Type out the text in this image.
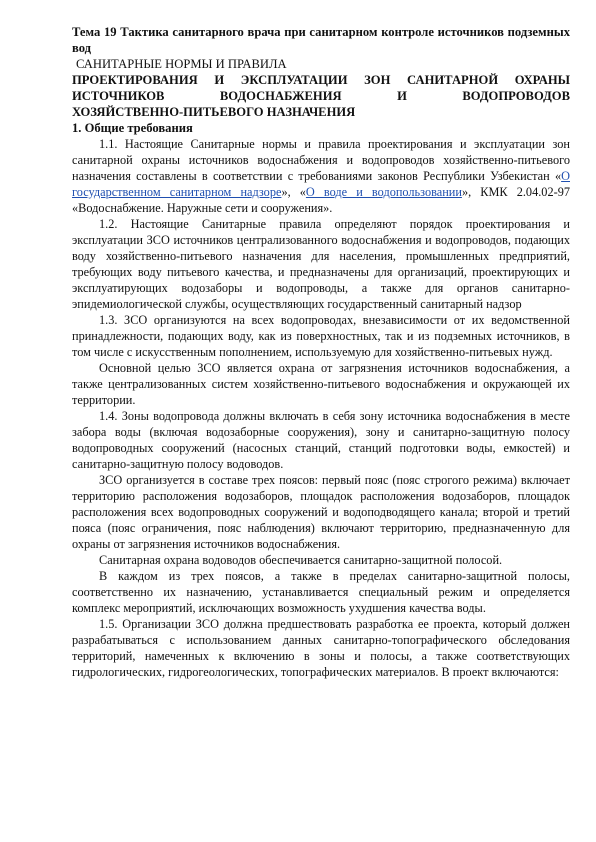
Тема 19 Тактика санитарного врача при санитарном контроле источников подземных вод
САНИТАРНЫЕ НОРМЫ И ПРАВИЛА
ПРОЕКТИРОВАНИЯ И ЭКСПЛУАТАЦИИ ЗОН САНИТАРНОЙ ОХРАНЫ ИСТОЧНИКОВ ВОДОСНАБЖЕНИЯ И ВОДОПРОВОДОВ
ХОЗЯЙСТВЕННО-ПИТЬЕВОГО НАЗНАЧЕНИЯ
1. Общие требования

1.1. Настоящие Санитарные нормы и правила проектирования и эксплуатации зон санитарной охраны источников водоснабжения и водопроводов хозяйственно-питьевого назначения составлены в соответствии с требованиями законов Республики Узбекистан «О государственном санитарном надзоре», «О воде и водопользовании», КМК 2.04.02-97 «Водоснабжение. Наружные сети и сооружения».

1.2. Настоящие Санитарные правила определяют порядок проектирования и эксплуатации ЗСО источников централизованного водоснабжения и водопроводов, подающих воду хозяйственно-питьевого назначения для населения, промышленных предприятий, требующих воду питьевого качества, и предназначены для организаций, проектирующих и эксплуатирующих водозаборы и водопроводы, а также для органов санитарно-эпидемиологической службы, осуществляющих государственный санитарный надзор

1.3. ЗСО организуются на всех водопроводах, внезависимости от их ведомственной принадлежности, подающих воду, как из поверхностных, так и из подземных источников, в том числе с искусственным пополнением, используемую для хозяйственно-питьевых нужд.

Основной целью ЗСО является охрана от загрязнения источников водоснабжения, а также централизованных систем хозяйственно-питьевого водоснабжения и окружающей их территории.

1.4. Зоны водопровода должны включать в себя зону источника водоснабжения в месте забора воды (включая водозаборные сооружения), зону и санитарно-защитную полосу водопроводных сооружений (насосных станций, станций подготовки воды, емкостей) и санитарно-защитную полосу водоводов.

ЗСО организуется в составе трех поясов: первый пояс (пояс строгого режима) включает территорию расположения водозаборов, площадок расположения водозаборов, площадок расположения всех водопроводных сооружений и водоподводящего канала; второй и третий пояса (пояс ограничения, пояс наблюдения) включают территорию, предназначенную для охраны от загрязнения источников водоснабжения.

Санитарная охрана водоводов обеспечивается санитарно-защитной полосой.

В каждом из трех поясов, а также в пределах санитарно-защитной полосы, соответственно их назначению, устанавливается специальный режим и определяется комплекс мероприятий, исключающих возможность ухудшения качества воды.

1.5. Организации ЗСО должна предшествовать разработка ее проекта, который должен разрабатываться с использованием данных санитарно-топографического обследования территорий, намеченных к включению в зоны и полосы, а также соответствующих гидрологических, гидрогеологических, топографических материалов. В проект включаются:
